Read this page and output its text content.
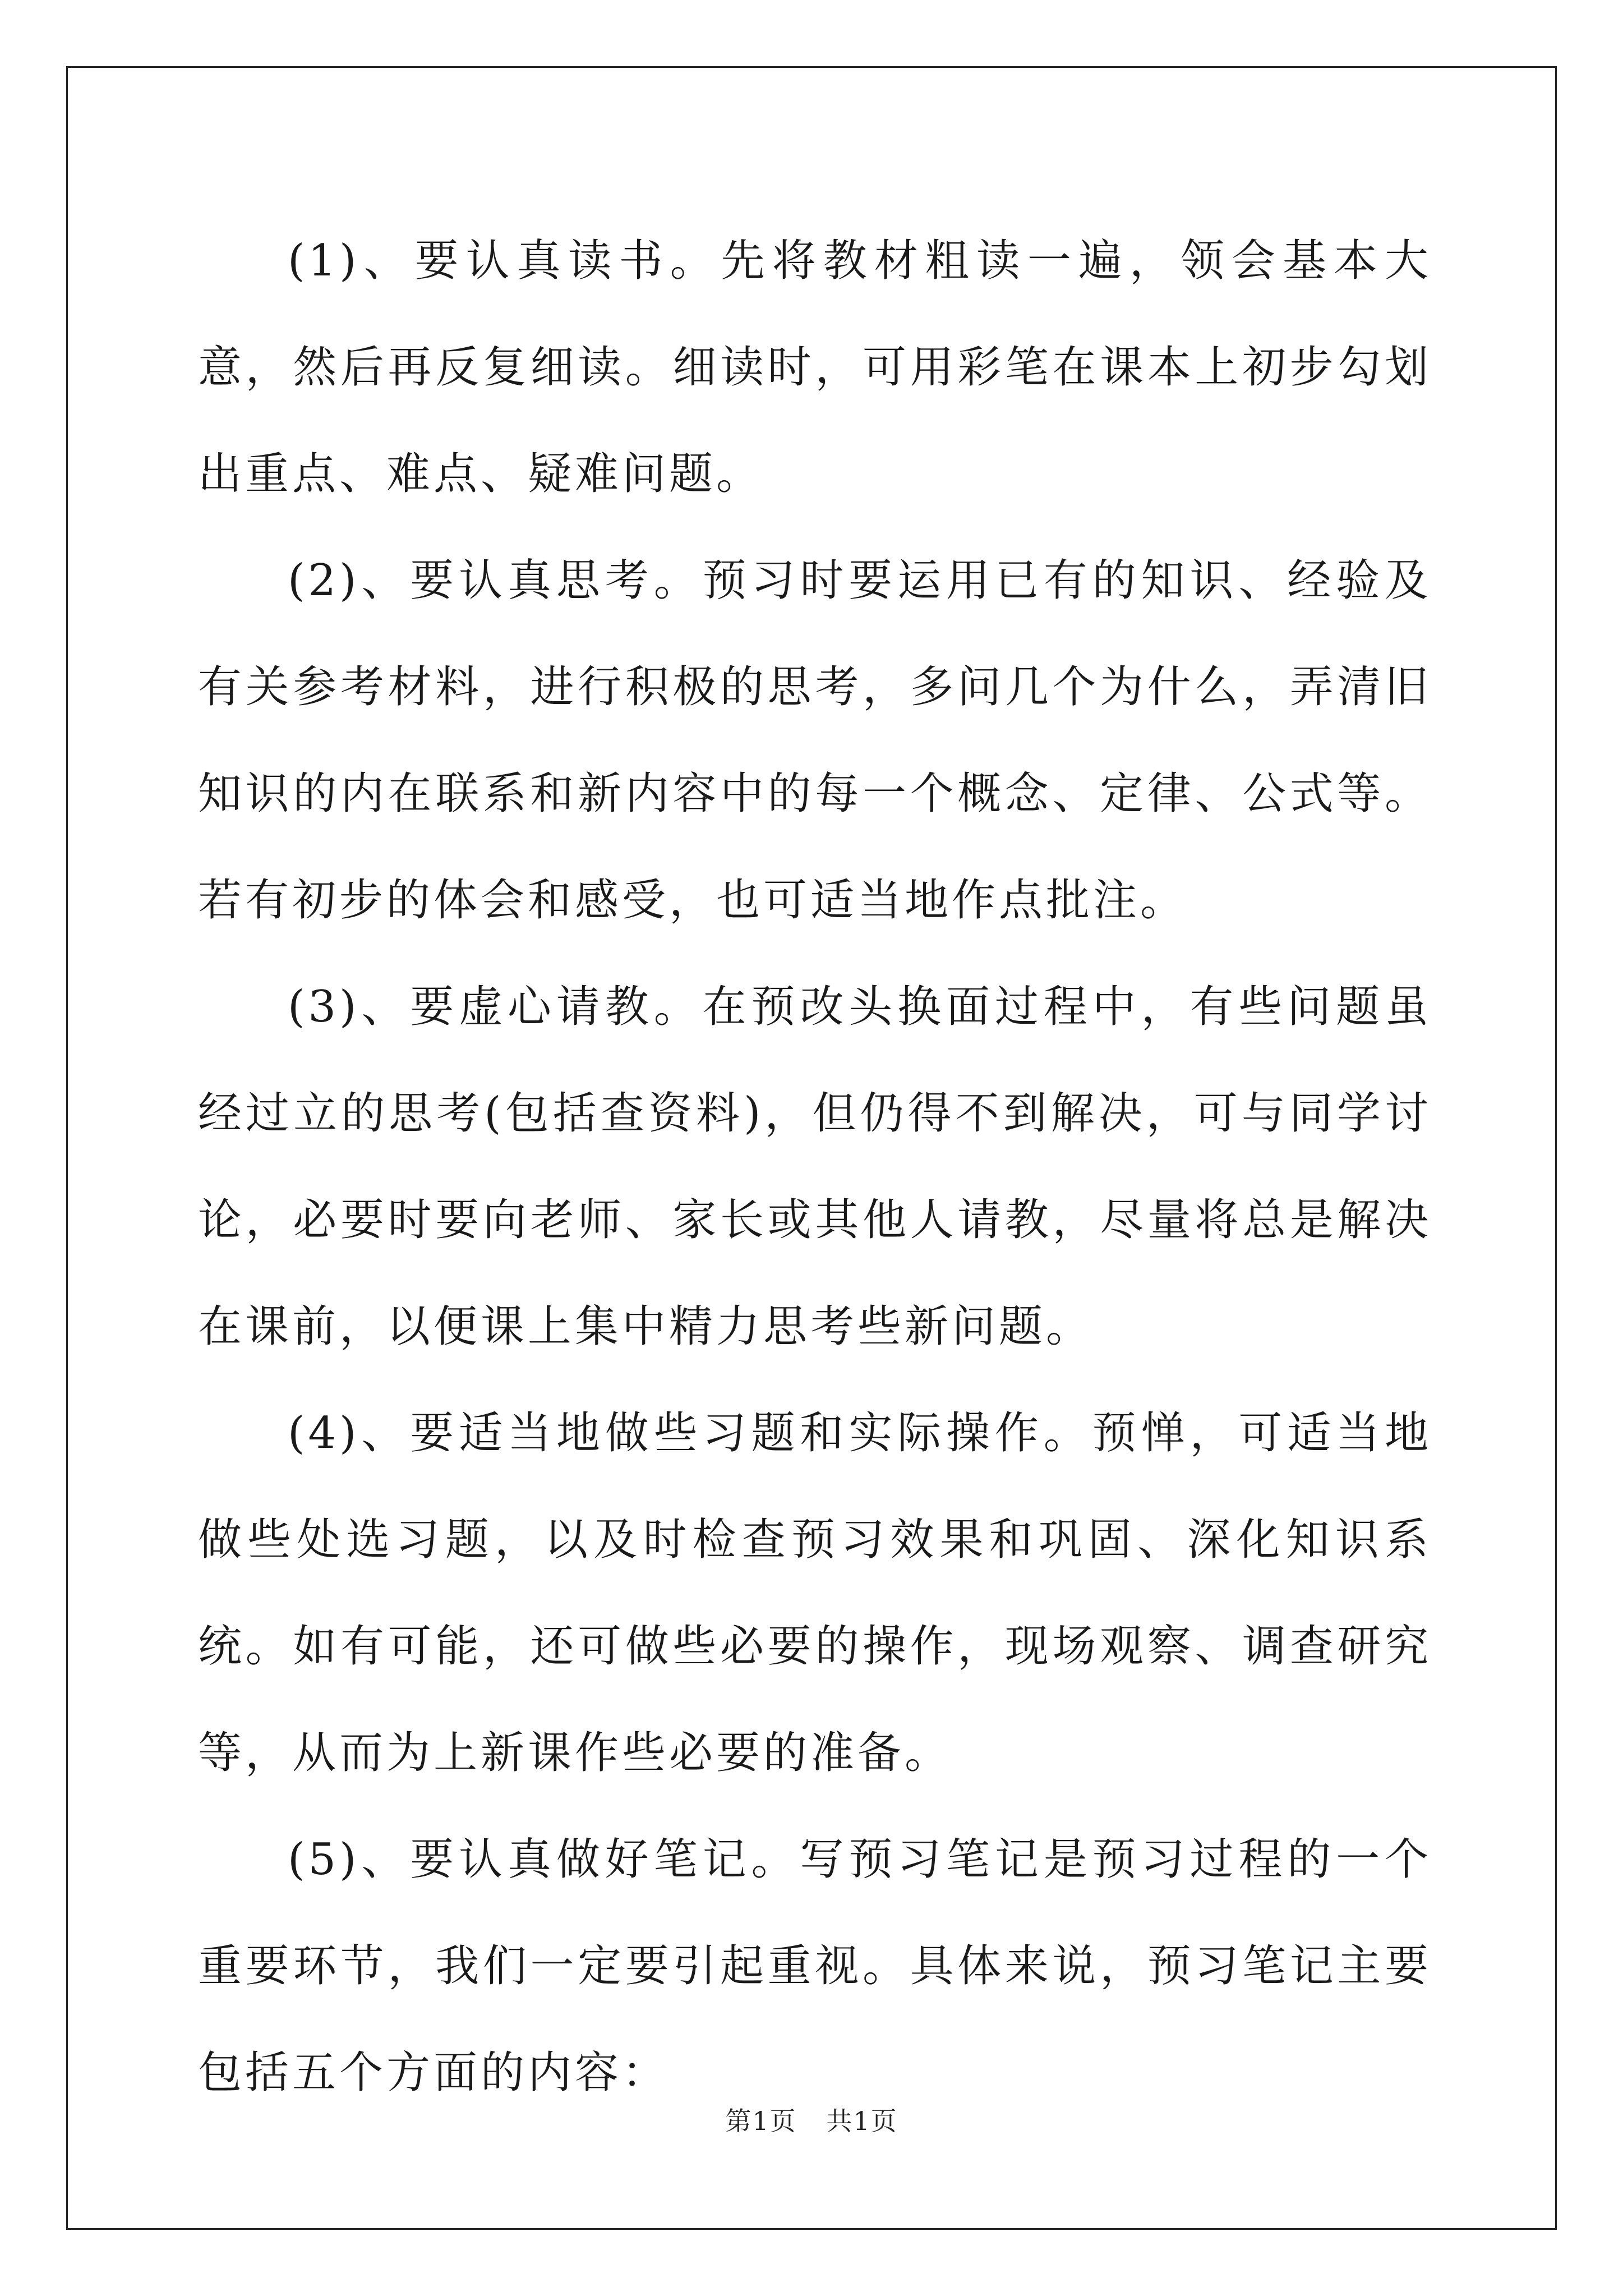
(1)、要认真读书。先将教材粗读一遍，领会基本大意，然后再反复细读。细读时，可用彩笔在课本上初步勾划出重点、难点、疑难问题。

(2)、要认真思考。预习时要运用已有的知识、经验及有关参考材料，进行积极的思考，多问几个为什么，弄清旧知识的内在联系和新内容中的每一个概念、定律、公式等。若有初步的体会和感受，也可适当地作点批注。

(3)、要虚心请教。在预改头换面过程中，有些问题虽经过立的思考(包括查资料)，但仍得不到解决，可与同学讨论，必要时要向老师、家长或其他人请教，尽量将总是解决在课前，以便课上集中精力思考些新问题。

(4)、要适当地做些习题和实际操作。预惮，可适当地做些处选习题，以及时检查预习效果和巩固、深化知识系统。如有可能，还可做些必要的操作，现场观察、调查研究等，从而为上新课作些必要的准备。

(5)、要认真做好笔记。写预习笔记是预习过程的一个重要环节，我们一定要引起重视。具体来说，预习笔记主要包括五个方面的内容：

第1页 共1页
